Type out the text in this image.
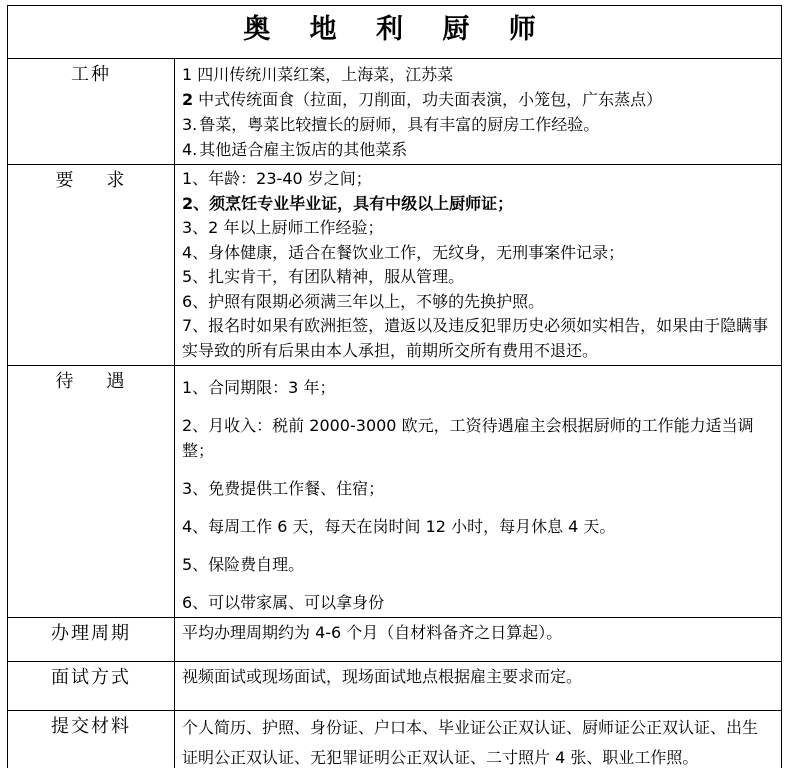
奥 地 利 厨 师	
工种	1 四川传统川菜红案，上海菜，江苏菜
2 中式传统面食（拉面，刀削面，功夫面表演，小笼包，广东蒸点）
3. 鲁菜，粤菜比较擅长的厨师，具有丰富的厨房工作经验。
4. 其他适合雇主饭店的其他菜系

要    求	1、年龄：23-40 岁之间；
2、须烹饪专业毕业证，具有中级以上厨师证；
3、2 年以上厨师工作经验；
4、身体健康，适合在餐饮业工作，无纹身，无刑事案件记录；
5、扎实肯干，有团队精神，服从管理。
6、护照有限期必须满三年以上，不够的先换护照。
7、报名时如果有欧洲拒签，遣返以及违反犯罪历史必须如实相告，如果由于隐瞒事实导致的所有后果由本人承担，前期所交所有费用不退还。

待    遇	1、合同期限：3 年；
2、月收入：税前 2000-3000 欧元，工资待遇雇主会根据厨师的工作能力适当调整；
3、免费提供工作餐、住宿；
4、每周工作 6 天，每天在岗时间 12 小时，每月休息 4 天。
5、保险费自理。
6、可以带家属、可以拿身份

办理周期	平均办理周期约为 4-6 个月（自材料备齐之日算起）。
面试方式	视频面试或现场面试，现场面试地点根据雇主要求而定。
提交材料	个人简历、护照、身份证、户口本、毕业证公正双认证、厨师证公正双认证、出生证明公正双认证、无犯罪证明公正双认证、二寸照片 4 张、职业工作照。
